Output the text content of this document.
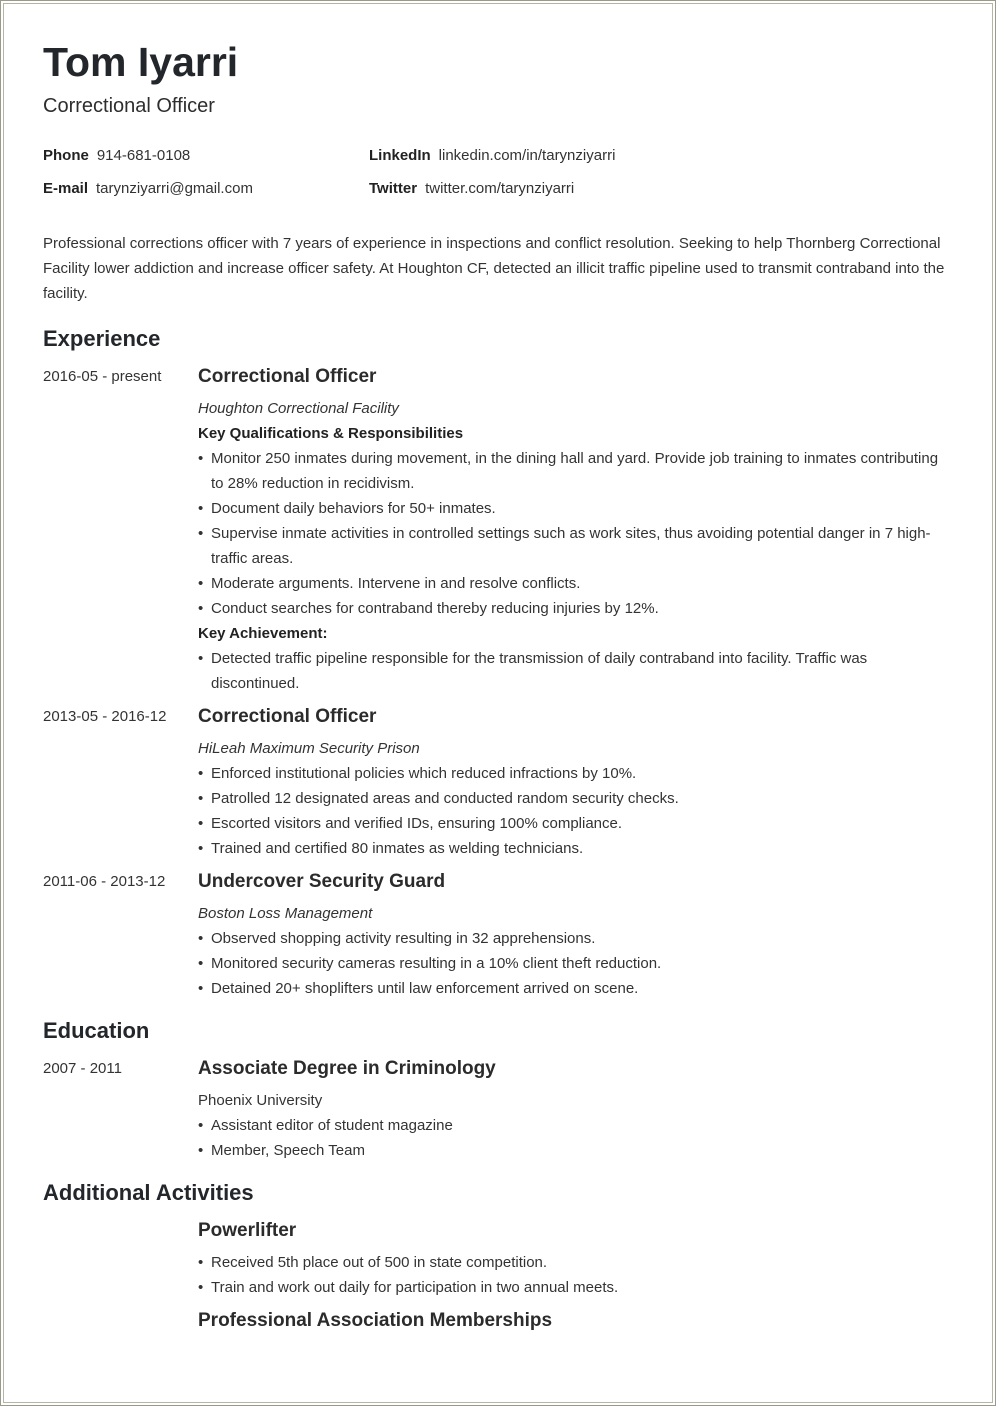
Tom Iyarri
Correctional Officer
Phone 914-681-0108	LinkedIn linkedin.com/in/tarynziyarri
E-mail tarynziyarri@gmail.com	Twitter twitter.com/tarynziyarri

Professional corrections officer with 7 years of experience in inspections and conflict resolution. Seeking to help Thornberg Correctional Facility lower addiction and increase officer safety. At Houghton CF, detected an illicit traffic pipeline used to transmit contraband into the facility.

Experience
2016-05 - present Correctional Officer
Houghton Correctional Facility
Key Qualifications & Responsibilities
• Monitor 250 inmates during movement, in the dining hall and yard. Provide job training to inmates contributing to 28% reduction in recidivism.
• Document daily behaviors for 50+ inmates.
• Supervise inmate activities in controlled settings such as work sites, thus avoiding potential danger in 7 high-traffic areas.
• Moderate arguments. Intervene in and resolve conflicts.
• Conduct searches for contraband thereby reducing injuries by 12%.
Key Achievement:
• Detected traffic pipeline responsible for the transmission of daily contraband into facility. Traffic was discontinued.
2013-05 - 2016-12 Correctional Officer
HiLeah Maximum Security Prison
• Enforced institutional policies which reduced infractions by 10%.
• Patrolled 12 designated areas and conducted random security checks.
• Escorted visitors and verified IDs, ensuring 100% compliance.
• Trained and certified 80 inmates as welding technicians.
2011-06 - 2013-12 Undercover Security Guard
Boston Loss Management
• Observed shopping activity resulting in 32 apprehensions.
• Monitored security cameras resulting in a 10% client theft reduction.
• Detained 20+ shoplifters until law enforcement arrived on scene.
Education
2007 - 2011	Associate Degree in Criminology
Phoenix University
• Assistant editor of student magazine
• Member, Speech Team
Additional Activities
Powerlifter
• Received 5th place out of 500 in state competition.
• Train and work out daily for participation in two annual meets.
Professional Association Memberships
